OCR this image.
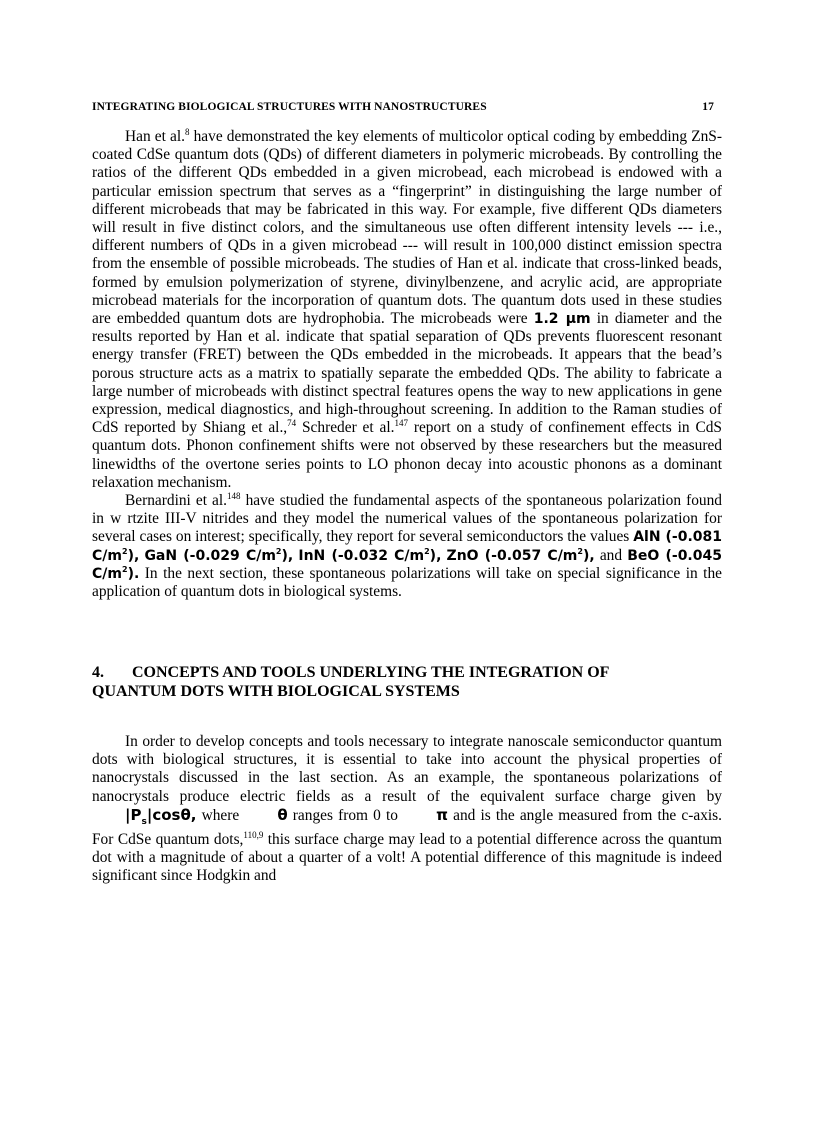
INTEGRATING BIOLOGICAL STRUCTURES WITH NANOSTRUCTURES	17

Han et al.$^8$ have demonstrated the key elements of multicolor optical coding by embedding ZnS-coated CdSe quantum dots (QDs) of different diameters in polymeric microbeads. By controlling the ratios of the different QDs embedded in a given microbead, each microbead is endowed with a particular emission spectrum that serves as a “fingerprint” in distinguishing the large number of different microbeads that may be fabricated in this way. For example, five different QDs diameters will result in five distinct colors, and the simultaneous use often different intensity levels --- i.e., different numbers of QDs in a given microbead --- will result in 100,000 distinct emission spectra from the ensemble of possible microbeads. The studies of Han et al. indicate that cross-linked beads, formed by emulsion polymerization of styrene, divinylbenzene, and acrylic acid, are appropriate microbead materials for the incorporation of quantum dots. The quantum dots used in these studies are embedded quantum dots are hydrophobia. The microbeads were 1.2 μm in diameter and the results reported by Han et al. indicate that spatial separation of QDs prevents fluorescent resonant energy transfer (FRET) between the QDs embedded in the microbeads. It appears that the bead’s porous structure acts as a matrix to spatially separate the embedded QDs. The ability to fabricate a large number of microbeads with distinct spectral features opens the way to new applications in gene expression, medical diagnostics, and high-throughout screening. In addition to the Raman studies of CdS reported by Shiang et al.,$^{74}$ Schreder et al.$^{147}$ report on a study of confinement effects in CdS quantum dots. Phonon confinement shifts were not observed by these researchers but the measured linewidths of the overtone series points to LO phonon decay into acoustic phonons as a dominant relaxation mechanism.

Bernardini et al.$^{148}$ have studied the fundamental aspects of the spontaneous polarization found in w rtzite III-V nitrides and they model the numerical values of the spontaneous polarization for several cases on interest; specifically, they report for several semiconductors the values AlN (-0.081 $C/m^2$), GaN (-0.029 $C/m^2$), InN (-0.032 $C/m^2$), ZnO (-0.057 $C/m^2$), and BeO (-0.045 $C/m^2$). In the next section, these spontaneous polarizations will take on special significance in the application of quantum dots in biological systems.

4. CONCEPTS AND TOOLS UNDERLYING THE INTEGRATION OF
QUANTUM DOTS WITH BIOLOGICAL SYSTEMS

In order to develop concepts and tools necessary to integrate nanoscale semiconductor quantum dots with biological structures, it is essential to take into account the physical properties of nanocrystals discussed in the last section. As an example, the spontaneous polarizations of nanocrystals produce electric fields as a result of the equivalent surface charge given by $|P_s|\cos\theta$, where θ ranges from 0 to π and is the angle measured from the c-axis. For CdSe quantum dots,$^{110,9}$ this surface charge may lead to a potential difference across the quantum dot with a magnitude of about a quarter of a volt! A potential difference of this magnitude is indeed significant since Hodgkin and
